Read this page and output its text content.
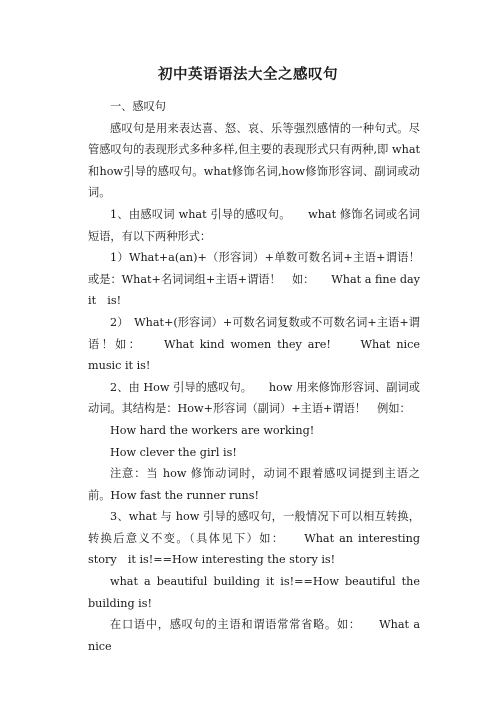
初中英语语法大全之感叹句

一、感叹句

感叹句是用来表达喜、怒、哀、乐等强烈感情的一种句式。尽管感叹句的表现形式多种多样,但主要的表现形式只有两种,即 what 和how引导的感叹句。what修饰名词,how修饰形容词、副词或动词。

1、由感叹词 what 引导的感叹句。　　what 修饰名词或名词短语，有以下两种形式：

1）What+a(an)+（形容词）+单数可数名词+主语+谓语！或是：What+名词词组+主语+谓语！　如：　　What a fine day it　is!

2）　What+(形容词）+可数名词复数或不可数名词+主语+谓语！如：　　What kind women they are!　　What nice　music it is!

2、由 How 引导的感叹句。　　how 用来修饰形容词、副词或动词。其结构是：How+形容词（副词）+主语+谓语！　例如：

How hard the workers are working!

How clever the girl is!

注意：当 how 修饰动词时，动词不跟着感叹词提到主语之前。How fast the runner runs!

3、what 与 how 引导的感叹句，一般情况下可以相互转换，转换后意义不变。（具体见下）如：　　What an interesting story　it is!==How interesting the story is!

what a beautiful building it is!==How beautiful the building is!

在口语中，感叹句的主语和谓语常常省略。如：　　What a nice
